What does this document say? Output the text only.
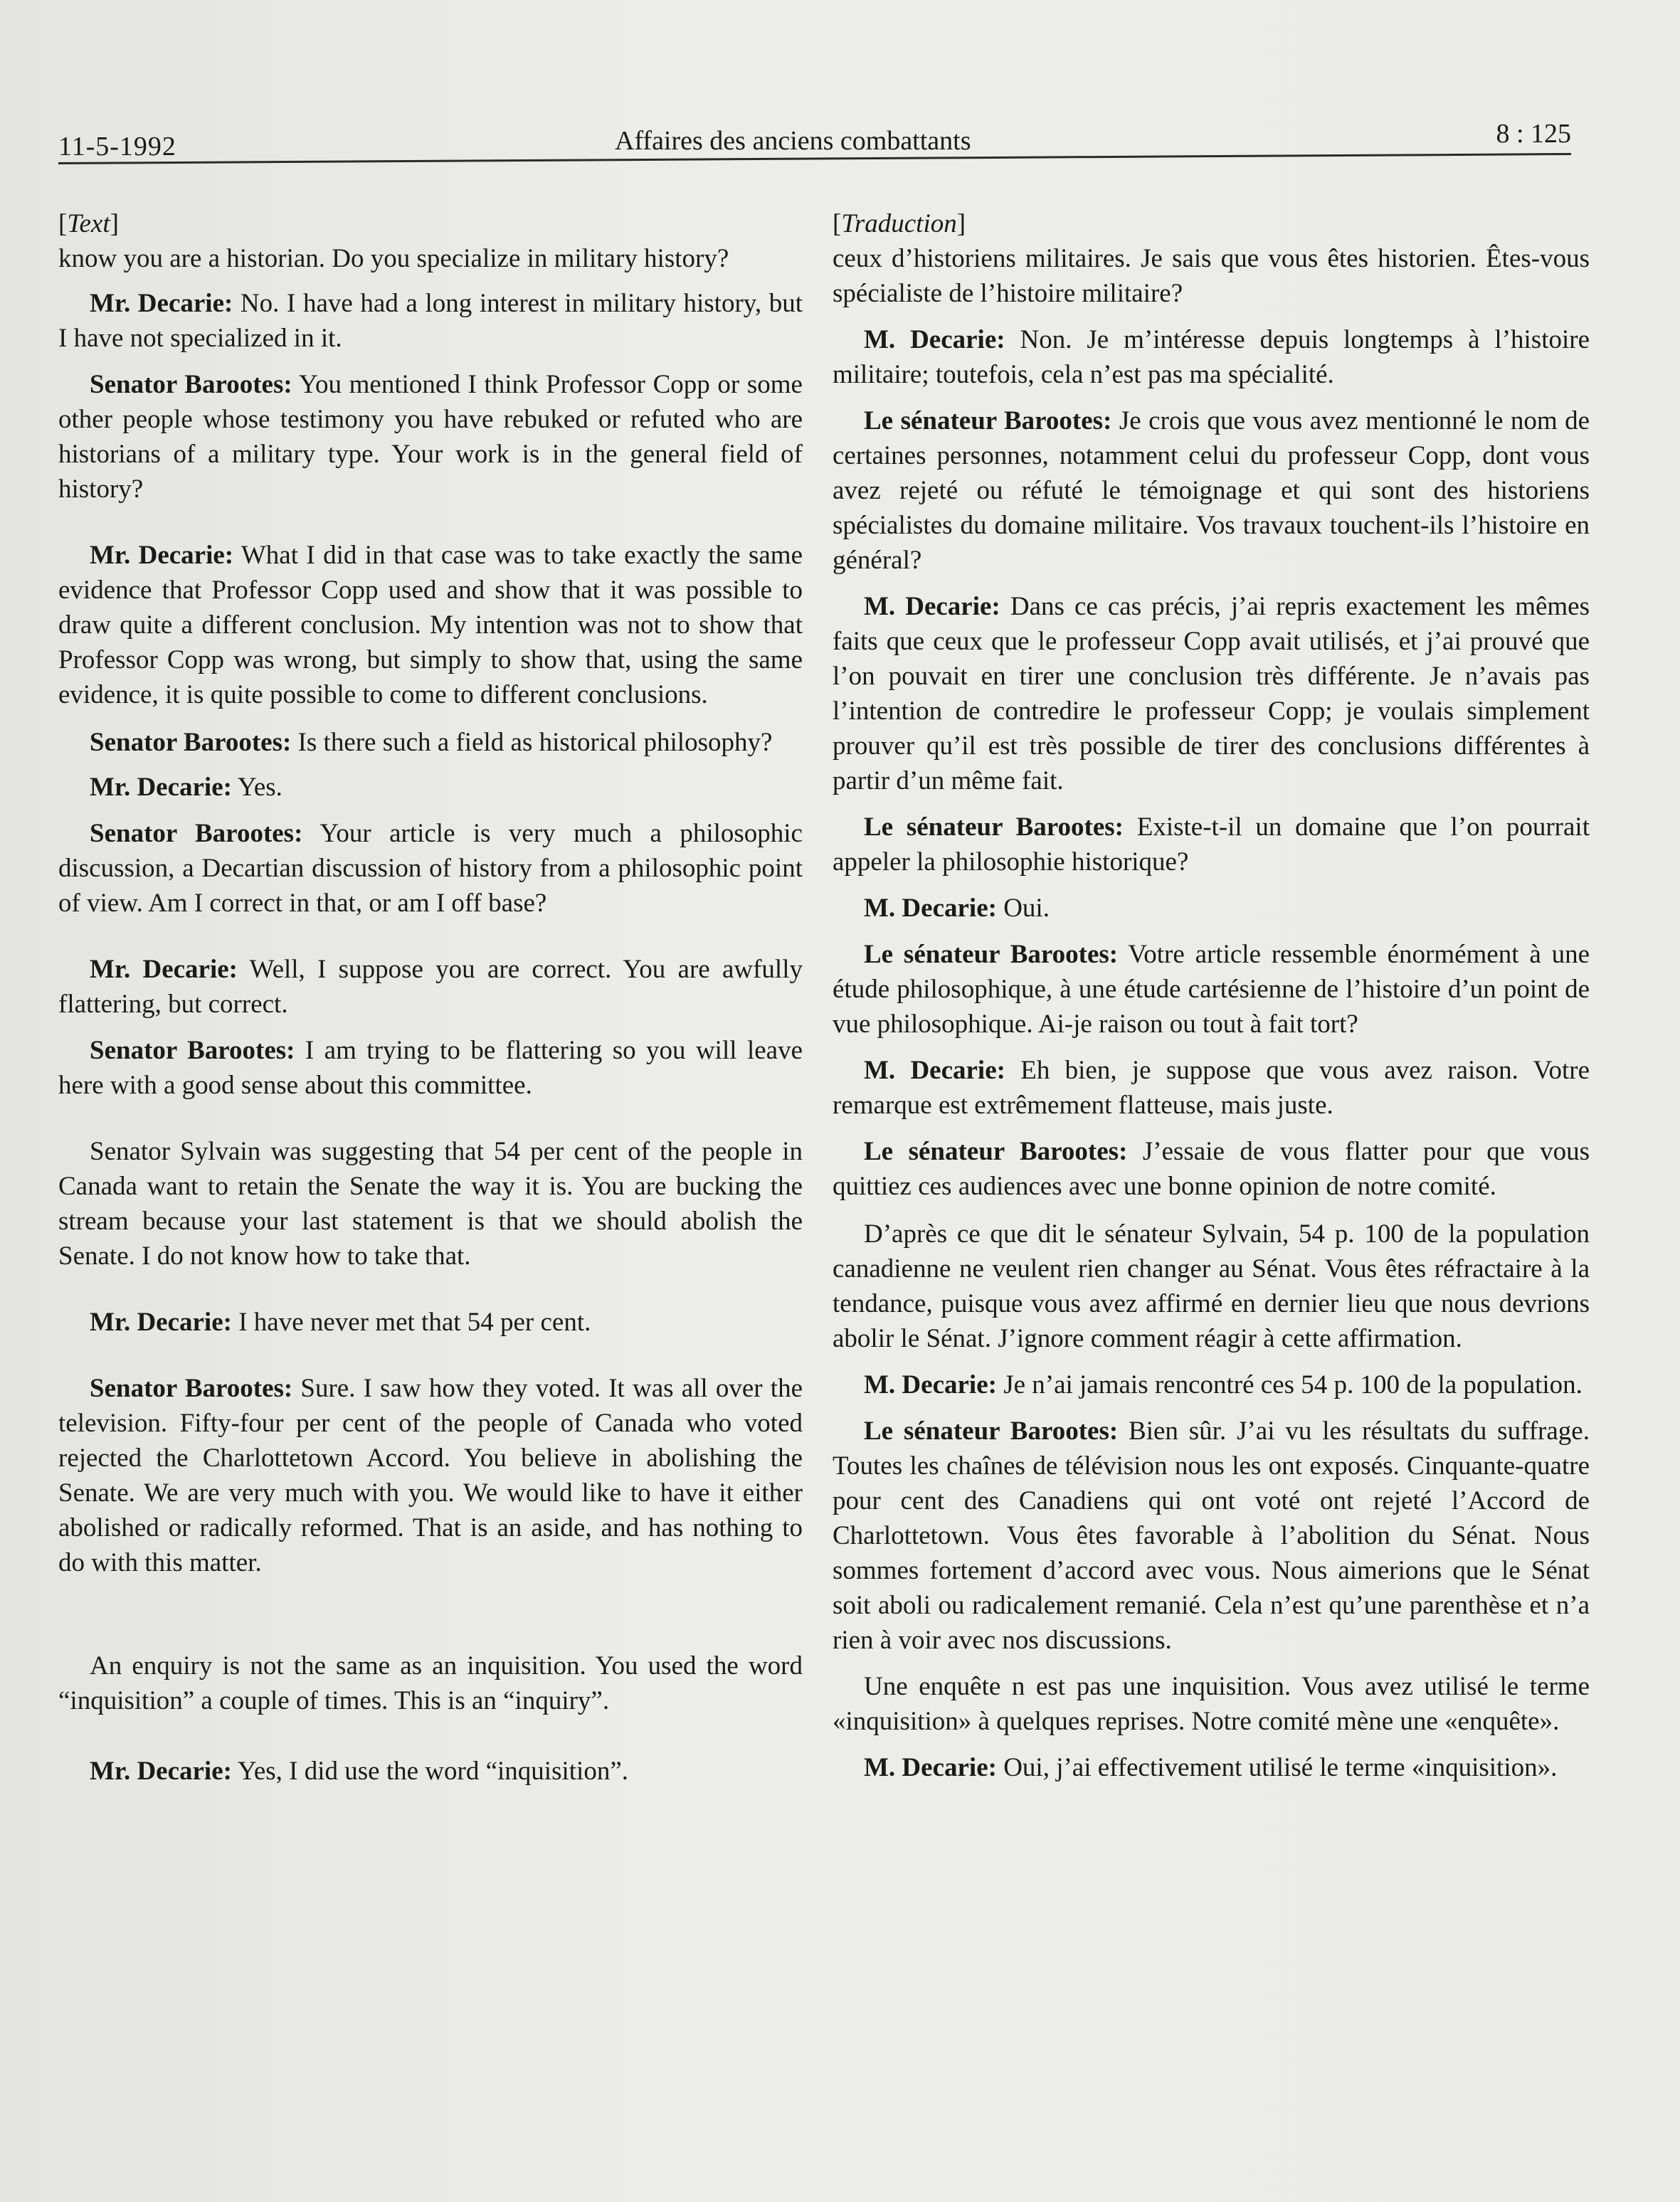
11-5-1992	Affaires des anciens combattants	8 : 125

[Text]

know you are a historian. Do you specialize in military history?

Mr. Decarie: No. I have had a long interest in military history, but I have not specialized in it.

Senator Barootes: You mentioned I think Professor Copp or some other people whose testimony you have rebuked or refuted who are historians of a military type. Your work is in the general field of history?

Mr. Decarie: What I did in that case was to take exactly the same evidence that Professor Copp used and show that it was possible to draw quite a different conclusion. My intention was not to show that Professor Copp was wrong, but simply to show that, using the same evidence, it is quite possible to come to different conclusions.

Senator Barootes: Is there such a field as historical philosophy?

Mr. Decarie: Yes.

Senator Barootes: Your article is very much a philosophic discussion, a Decartian discussion of history from a philosophic point of view. Am I correct in that, or am I off base?

Mr. Decarie: Well, I suppose you are correct. You are awfully flattering, but correct.

Senator Barootes: I am trying to be flattering so you will leave here with a good sense about this committee.

Senator Sylvain was suggesting that 54 per cent of the people in Canada want to retain the Senate the way it is. You are bucking the stream because your last statement is that we should abolish the Senate. I do not know how to take that.

Mr. Decarie: I have never met that 54 per cent.

Senator Barootes: Sure. I saw how they voted. It was all over the television. Fifty-four per cent of the people of Canada who voted rejected the Charlottetown Accord. You believe in abolishing the Senate. We are very much with you. We would like to have it either abolished or radically reformed. That is an aside, and has nothing to do with this matter.

An enquiry is not the same as an inquisition. You used the word “inquisition” a couple of times. This is an “inquiry”.

Mr. Decarie: Yes, I did use the word “inquisition”.

[Traduction]

ceux d’historiens militaires. Je sais que vous êtes historien. Êtes-vous spécialiste de l’histoire militaire?

M. Decarie: Non. Je m’intéresse depuis longtemps à l’histoire militaire; toutefois, cela n’est pas ma spécialité.

Le sénateur Barootes: Je crois que vous avez mentionné le nom de certaines personnes, notamment celui du professeur Copp, dont vous avez rejeté ou réfuté le témoignage et qui sont des historiens spécialistes du domaine militaire. Vos travaux touchent-ils l’histoire en général?

M. Decarie: Dans ce cas précis, j’ai repris exactement les mêmes faits que ceux que le professeur Copp avait utilisés, et j’ai prouvé que l’on pouvait en tirer une conclusion très différente. Je n’avais pas l’intention de contredire le professeur Copp; je voulais simplement prouver qu’il est très possible de tirer des conclusions différentes à partir d’un même fait.

Le sénateur Barootes: Existe-t-il un domaine que l’on pourrait appeler la philosophie historique?

M. Decarie: Oui.

Le sénateur Barootes: Votre article ressemble énormément à une étude philosophique, à une étude cartésienne de l’histoire d’un point de vue philosophique. Ai-je raison ou tout à fait tort?

M. Decarie: Eh bien, je suppose que vous avez raison. Votre remarque est extrêmement flatteuse, mais juste.

Le sénateur Barootes: J’essaie de vous flatter pour que vous quittiez ces audiences avec une bonne opinion de notre comité.

D’après ce que dit le sénateur Sylvain, 54 p. 100 de la population canadienne ne veulent rien changer au Sénat. Vous êtes réfractaire à la tendance, puisque vous avez affirmé en dernier lieu que nous devrions abolir le Sénat. J’ignore comment réagir à cette affirmation.

M. Decarie: Je n’ai jamais rencontré ces 54 p. 100 de la population.

Le sénateur Barootes: Bien sûr. J’ai vu les résultats du suffrage. Toutes les chaînes de télévision nous les ont exposés. Cinquante-quatre pour cent des Canadiens qui ont voté ont rejeté l’Accord de Charlottetown. Vous êtes favorable à l’abolition du Sénat. Nous sommes fortement d’accord avec vous. Nous aimerions que le Sénat soit aboli ou radicalement remanié. Cela n’est qu’une parenthèse et n’a rien à voir avec nos discussions.

Une enquête n est pas une inquisition. Vous avez utilisé le terme «inquisition» à quelques reprises. Notre comité mène une «enquête».

M. Decarie: Oui, j’ai effectivement utilisé le terme «inquisition».
